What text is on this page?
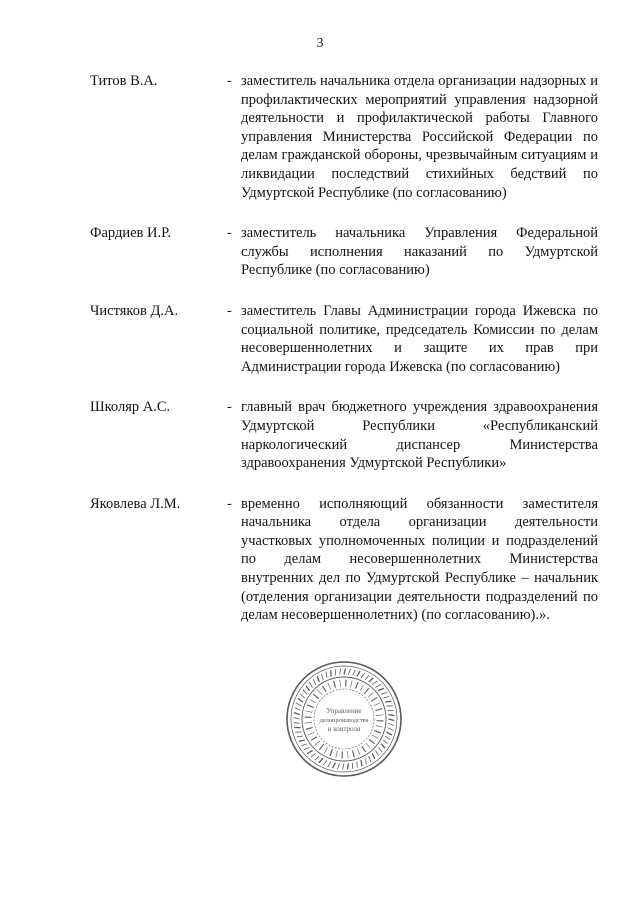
3
Титов В.А.	- заместитель начальника отдела организации надзорных и профилактических мероприятий управления надзорной деятельности и профилактической работы Главного управления Министерства Российской Федерации по делам гражданской обороны, чрезвычайным ситуациям и ликвидации последствий стихийных бедствий по Удмуртской Республике (по согласованию)
Фардиев И.Р.	- заместитель начальника Управления Федеральной службы исполнения наказаний по Удмуртской Республике (по согласованию)
Чистяков Д.А.	- заместитель Главы Администрации города Ижевска по социальной политике, председатель Комиссии по делам несовершеннолетних и защите их прав при Администрации города Ижевска (по согласованию)
Школяр А.С.	- главный врач бюджетного учреждения здравоохранения Удмуртской Республики «Республиканский наркологический диспансер Министерства здравоохранения Удмуртской Республики»
Яковлева Л.М.	- временно исполняющий обязанности заместителя начальника отдела организации деятельности участковых уполномоченных полиции и подразделений по делам несовершеннолетних Министерства внутренних дел по Удмуртской Республике – начальник (отделения организации деятельности подразделений по делам несовершеннолетних) (по согласованию).».
Управление
делопроизводства
и контроля
